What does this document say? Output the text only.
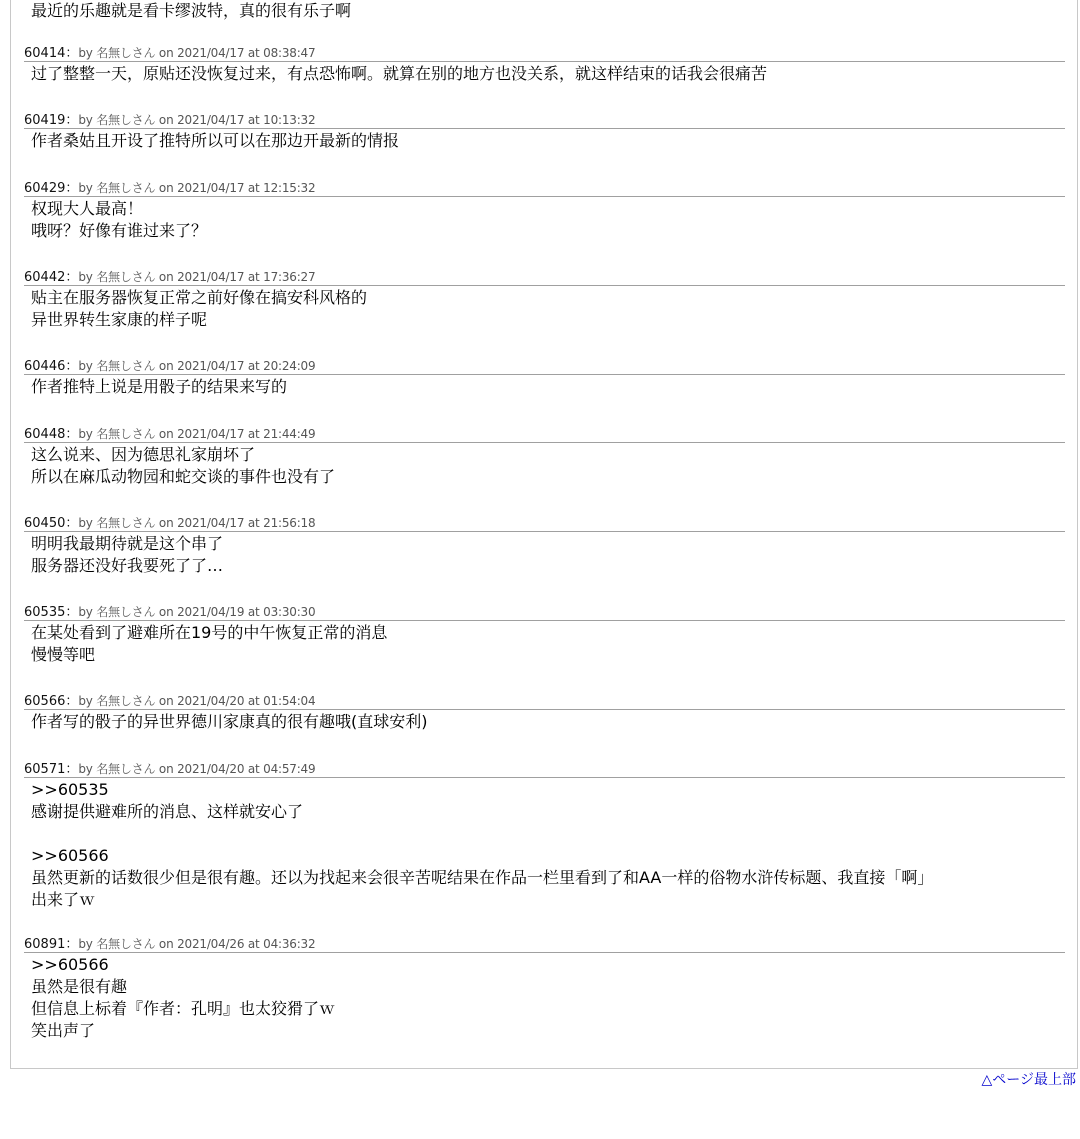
最近的乐趣就是看卡缪波特，真的很有乐子啊
60414：by 名無しさん on 2021/04/17 at 08:38:47
过了整整一天，原贴还没恢复过来，有点恐怖啊。就算在别的地方也没关系，就这样结束的话我会很痛苦
60419：by 名無しさん on 2021/04/17 at 10:13:32
作者桑姑且开设了推特所以可以在那边开最新的情报
60429：by 名無しさん on 2021/04/17 at 12:15:32
权现大人最高！
哦呀？好像有谁过来了？
60442：by 名無しさん on 2021/04/17 at 17:36:27
贴主在服务器恢复正常之前好像在搞安科风格的
异世界转生家康的样子呢
60446：by 名無しさん on 2021/04/17 at 20:24:09
作者推特上说是用骰子的结果来写的
60448：by 名無しさん on 2021/04/17 at 21:44:49
这么说来、因为德思礼家崩坏了
所以在麻瓜动物园和蛇交谈的事件也没有了
60450：by 名無しさん on 2021/04/17 at 21:56:18
明明我最期待就是这个串了
服务器还没好我要死了了…
60535：by 名無しさん on 2021/04/19 at 03:30:30
在某处看到了避难所在19号的中午恢复正常的消息
慢慢等吧
60566：by 名無しさん on 2021/04/20 at 01:54:04
作者写的骰子的异世界德川家康真的很有趣哦(直球安利)
60571：by 名無しさん on 2021/04/20 at 04:57:49
>>60535
感谢提供避难所的消息、这样就安心了
>>60566
虽然更新的话数很少但是很有趣。还以为找起来会很辛苦呢结果在作品一栏里看到了和AA一样的俗物水浒传标题、我直接「啊」
出来了ｗ
60891：by 名無しさん on 2021/04/26 at 04:36:32
>>60566
虽然是很有趣
但信息上标着『作者：孔明』也太狡猾了ｗ
笑出声了
△ページ最上部
